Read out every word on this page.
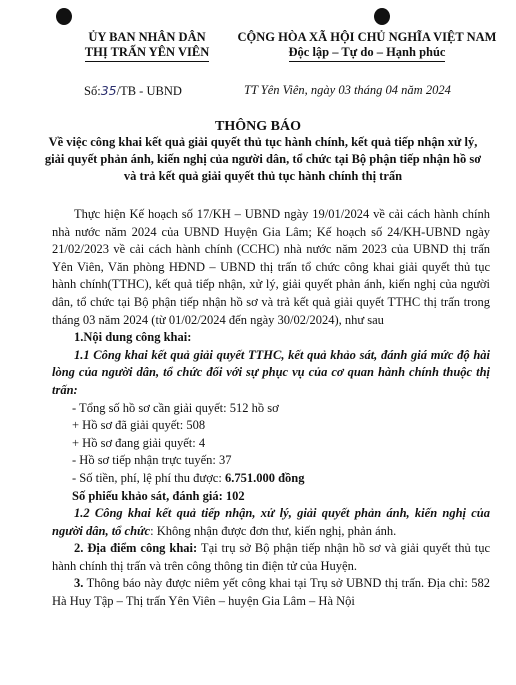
ỦY BAN NHÂN DÂN
THỊ TRẤN YÊN VIÊN
CỘNG HÒA XÃ HỘI CHỦ NGHĨA VIỆT NAM
Độc lập – Tự do – Hạnh phúc
Số:35/TB - UBND	TT Yên Viên, ngày 03 tháng 04 năm 2024
THÔNG BÁO
Về việc công khai kết quả giải quyết thủ tục hành chính, kết quả tiếp nhận xử lý, giải quyết phản ánh, kiến nghị của người dân, tổ chức tại Bộ phận tiếp nhận hồ sơ và trả kết quả giải quyết thủ tục hành chính thị trấn

Thực hiện Kế hoạch số 17/KH – UBND ngày 19/01/2024 về cải cách hành chính nhà nước năm 2024 của UBND Huyện Gia Lâm; Kế hoạch số 24/KH-UBND ngày 21/02/2023 về cải cách hành chính (CCHC) nhà nước năm 2023 của UBND thị trấn Yên Viên, Văn phòng HĐND – UBND thị trấn tổ chức công khai giải quyết thủ tục hành chính(TTHC), kết quả tiếp nhận, xử lý, giải quyết phản ánh, kiến nghị của người dân, tổ chức tại Bộ phận tiếp nhận hồ sơ và trả kết quả giải quyết TTHC thị trấn trong tháng 03 năm 2024 (từ 01/02/2024 đến ngày 30/02/2024), như sau

1.Nội dung công khai:

1.1 Công khai kết quả giải quyết TTHC, kết quả khảo sát, đánh giá mức độ hài lòng của người dân, tổ chức đối với sự phục vụ của cơ quan hành chính thuộc thị trấn:

- Tổng số hồ sơ cần giải quyết: 512 hồ sơ

+ Hồ sơ đã giải quyết: 508

+ Hồ sơ đang giải quyết: 4

- Hồ sơ tiếp nhận trực tuyến: 37

- Số tiền, phí, lệ phí thu được: 6.751.000 đồng

Số phiếu khảo sát, đánh giá: 102

1.2 Công khai kết quả tiếp nhận, xử lý, giải quyết phản ánh, kiến nghị của người dân, tổ chức: Không nhận được đơn thư, kiến nghị, phản ánh.

2. Địa điểm công khai: Tại trụ sở Bộ phận tiếp nhận hồ sơ và giải quyết thủ tục hành chính thị trấn và trên công thông tin điện tử của Huyện.

3. Thông báo này được niêm yết công khai tại Trụ sở UBND thị trấn. Địa chỉ: 582 Hà Huy Tập – Thị trấn Yên Viên – huyện Gia Lâm – Hà Nội
